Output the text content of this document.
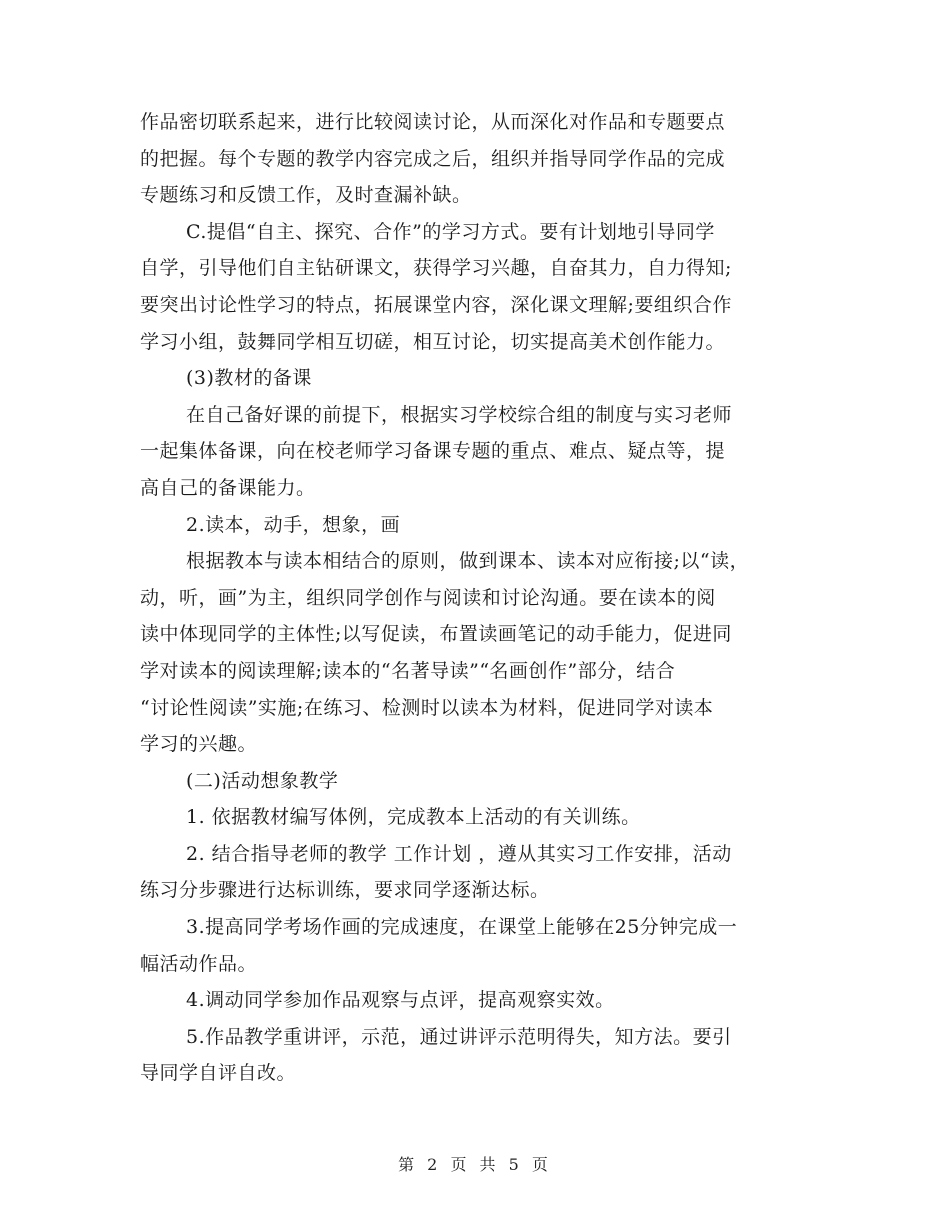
作品密切联系起来，进行比较阅读讨论，从而深化对作品和专题要点
的把握。每个专题的教学内容完成之后，组织并指导同学作品的完成
专题练习和反馈工作，及时查漏补缺。
C.提倡“自主、探究、合作”的学习方式。要有计划地引导同学
自学，引导他们自主钻研课文，获得学习兴趣，自奋其力，自力得知;
要突出讨论性学习的特点，拓展课堂内容，深化课文理解;要组织合作
学习小组，鼓舞同学相互切磋，相互讨论，切实提高美术创作能力。
(3)教材的备课
在自己备好课的前提下，根据实习学校综合组的制度与实习老师
一起集体备课，向在校老师学习备课专题的重点、难点、疑点等，提
高自己的备课能力。
2.读本，动手，想象，画
根据教本与读本相结合的原则，做到课本、读本对应衔接;以“读，
动，听，画”为主，组织同学创作与阅读和讨论沟通。要在读本的阅
读中体现同学的主体性;以写促读，布置读画笔记的动手能力，促进同
学对读本的阅读理解;读本的“名著导读”“名画创作”部分，结合
“讨论性阅读”实施;在练习、检测时以读本为材料，促进同学对读本
学习的兴趣。
(二)活动想象教学
1. 依据教材编写体例，完成教本上活动的有关训练。
2. 结合指导老师的教学 工作计划 ，遵从其实习工作安排，活动
练习分步骤进行达标训练，要求同学逐渐达标。
3.提高同学考场作画的完成速度，在课堂上能够在25分钟完成一
幅活动作品。
4.调动同学参加作品观察与点评，提高观察实效。
5.作品教学重讲评，示范，通过讲评示范明得失，知方法。要引
导同学自评自改。
第 2 页 共 5 页
